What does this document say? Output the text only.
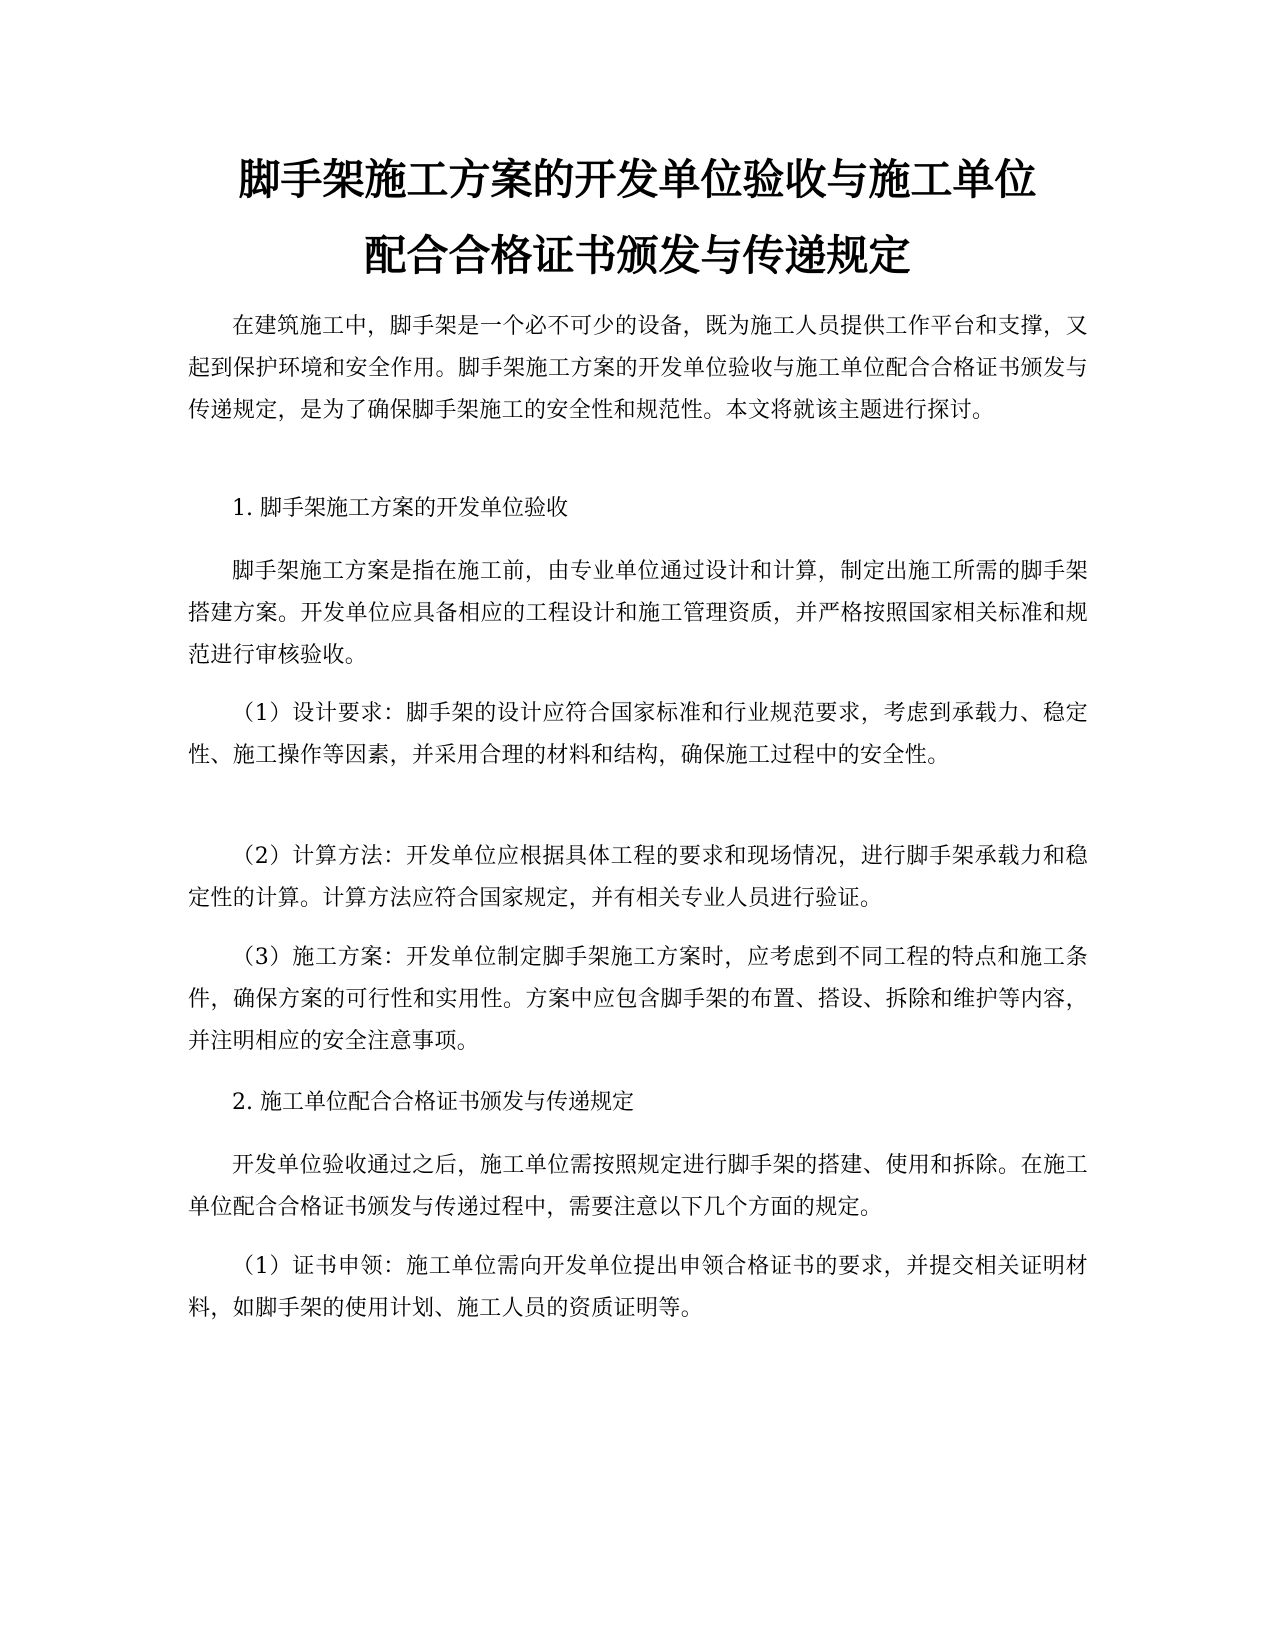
脚手架施工方案的开发单位验收与施工单位
配合合格证书颁发与传递规定

在建筑施工中，脚手架是一个必不可少的设备，既为施工人员提供工作平台和支撑，又起到保护环境和安全作用。脚手架施工方案的开发单位验收与施工单位配合合格证书颁发与传递规定，是为了确保脚手架施工的安全性和规范性。本文将就该主题进行探讨。

1. 脚手架施工方案的开发单位验收

脚手架施工方案是指在施工前，由专业单位通过设计和计算，制定出施工所需的脚手架搭建方案。开发单位应具备相应的工程设计和施工管理资质，并严格按照国家相关标准和规范进行审核验收。

（1）设计要求：脚手架的设计应符合国家标准和行业规范要求，考虑到承载力、稳定性、施工操作等因素，并采用合理的材料和结构，确保施工过程中的安全性。

（2）计算方法：开发单位应根据具体工程的要求和现场情况，进行脚手架承载力和稳定性的计算。计算方法应符合国家规定，并有相关专业人员进行验证。

（3）施工方案：开发单位制定脚手架施工方案时，应考虑到不同工程的特点和施工条件，确保方案的可行性和实用性。方案中应包含脚手架的布置、搭设、拆除和维护等内容，并注明相应的安全注意事项。

2. 施工单位配合合格证书颁发与传递规定

开发单位验收通过之后，施工单位需按照规定进行脚手架的搭建、使用和拆除。在施工单位配合合格证书颁发与传递过程中，需要注意以下几个方面的规定。

（1）证书申领：施工单位需向开发单位提出申领合格证书的要求，并提交相关证明材料，如脚手架的使用计划、施工人员的资质证明等。
